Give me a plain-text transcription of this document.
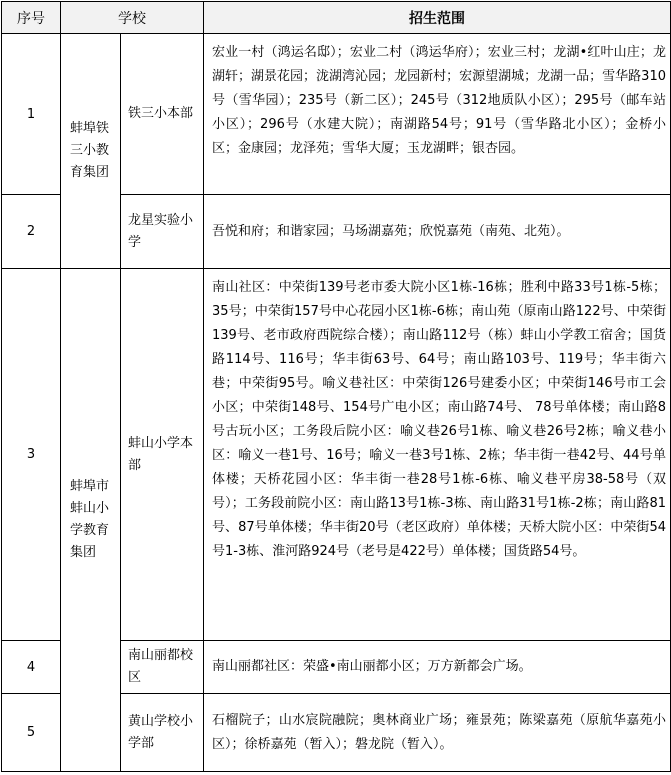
序号	学校		招生范围
1	蚌埠铁三小教育集团	铁三小本部	宏业一村（鸿运名邸）；宏业二村（鸿运华府）；宏业三村；龙湖•红叶山庄；龙湖轩；湖景花园；泷湖湾沁园；龙园新村；宏源望湖城；龙湖一品；雪华路310号（雪华园）；235号（新二区）；245号（312地质队小区）；295号（邮车站小区）；296号（水建大院）；南湖路54号；91号（雪华路北小区）；金桥小区；金康园；龙泽苑；雪华大厦；玉龙湖畔；银杏园。
2		龙星实验小学	吾悦和府；和谐家园；马场湖嘉苑；欣悦嘉苑（南苑、北苑）。
3	蚌埠市蚌山小学教育集团	蚌山小学本部	南山社区：中荣街139号老市委大院小区1栋-16栋；胜利中路33号1栋-5栋；35号；中荣街157号中心花园小区1栋-6栋；南山苑（原南山路122号、中荣街139号、老市政府西院综合楼）；南山路112号（栋）蚌山小学教工宿舍；国货路114号、116号；华丰街63号、64号；南山路103号、119号；华丰街六巷；中荣街95号。喻义巷社区：中荣街126号建委小区；中荣街146号市工会小区；中荣街148号、154号广电小区；南山路74号、 78号单体楼；南山路8号古玩小区；工务段后院小区：喻义巷26号1栋、喻义巷26号2栋；喻义巷小区：喻义一巷1号、16号；喻义一巷3号1栋、2栋；华丰街一巷42号、44号单体楼；天桥花园小区：华丰街一巷28号1栋-6栋、喻义巷平房38-58号（双号）；工务段前院小区：南山路13号1栋-3栋、南山路31号1栋-2栋；南山路81号、87号单体楼；华丰街20号（老区政府）单体楼；天桥大院小区：中荣街54号1-3栋、淮河路924号（老号是422号）单体楼；国货路54号。
4		南山丽都校区	南山丽都社区：荣盛•南山丽都小区；万方新都会广场。
5		黄山学校小学部	石榴院子；山水宸院融院；奥林商业广场；雍景苑；陈梁嘉苑（原航华嘉苑小区）；徐桥嘉苑（暂入）；磐龙院（暂入）。
